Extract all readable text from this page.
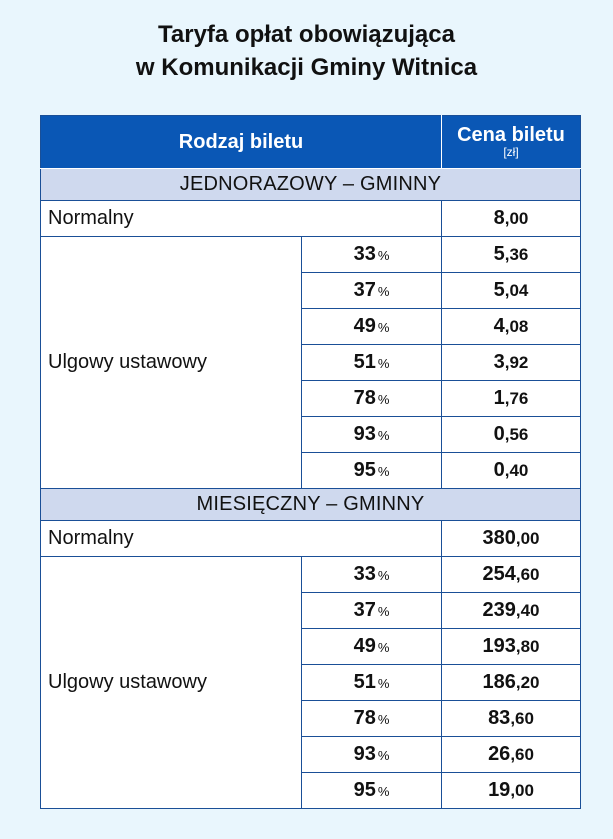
Taryfa opłat obowiązująca
w Komunikacji Gminy Witnica
Rodzaj biletu		Cena biletu
[zł]

JEDNORAZOWY – GMINNY		
Normalny		8,00
Ulgowy ustawowy	33 %	5,36
	37 %	5,04
	49 %	4,08
	51 %	3,92
	78 %	1,76
	93 %	0,56
	95 %	0,40
MIESIĘCZNY – GMINNY		
Normalny		380,00
Ulgowy ustawowy	33 %	254,60
	37 %	239,40
	49 %	193,80
	51 %	186,20
	78 %	83,60
	93 %	26,60
	95 %	19,00
